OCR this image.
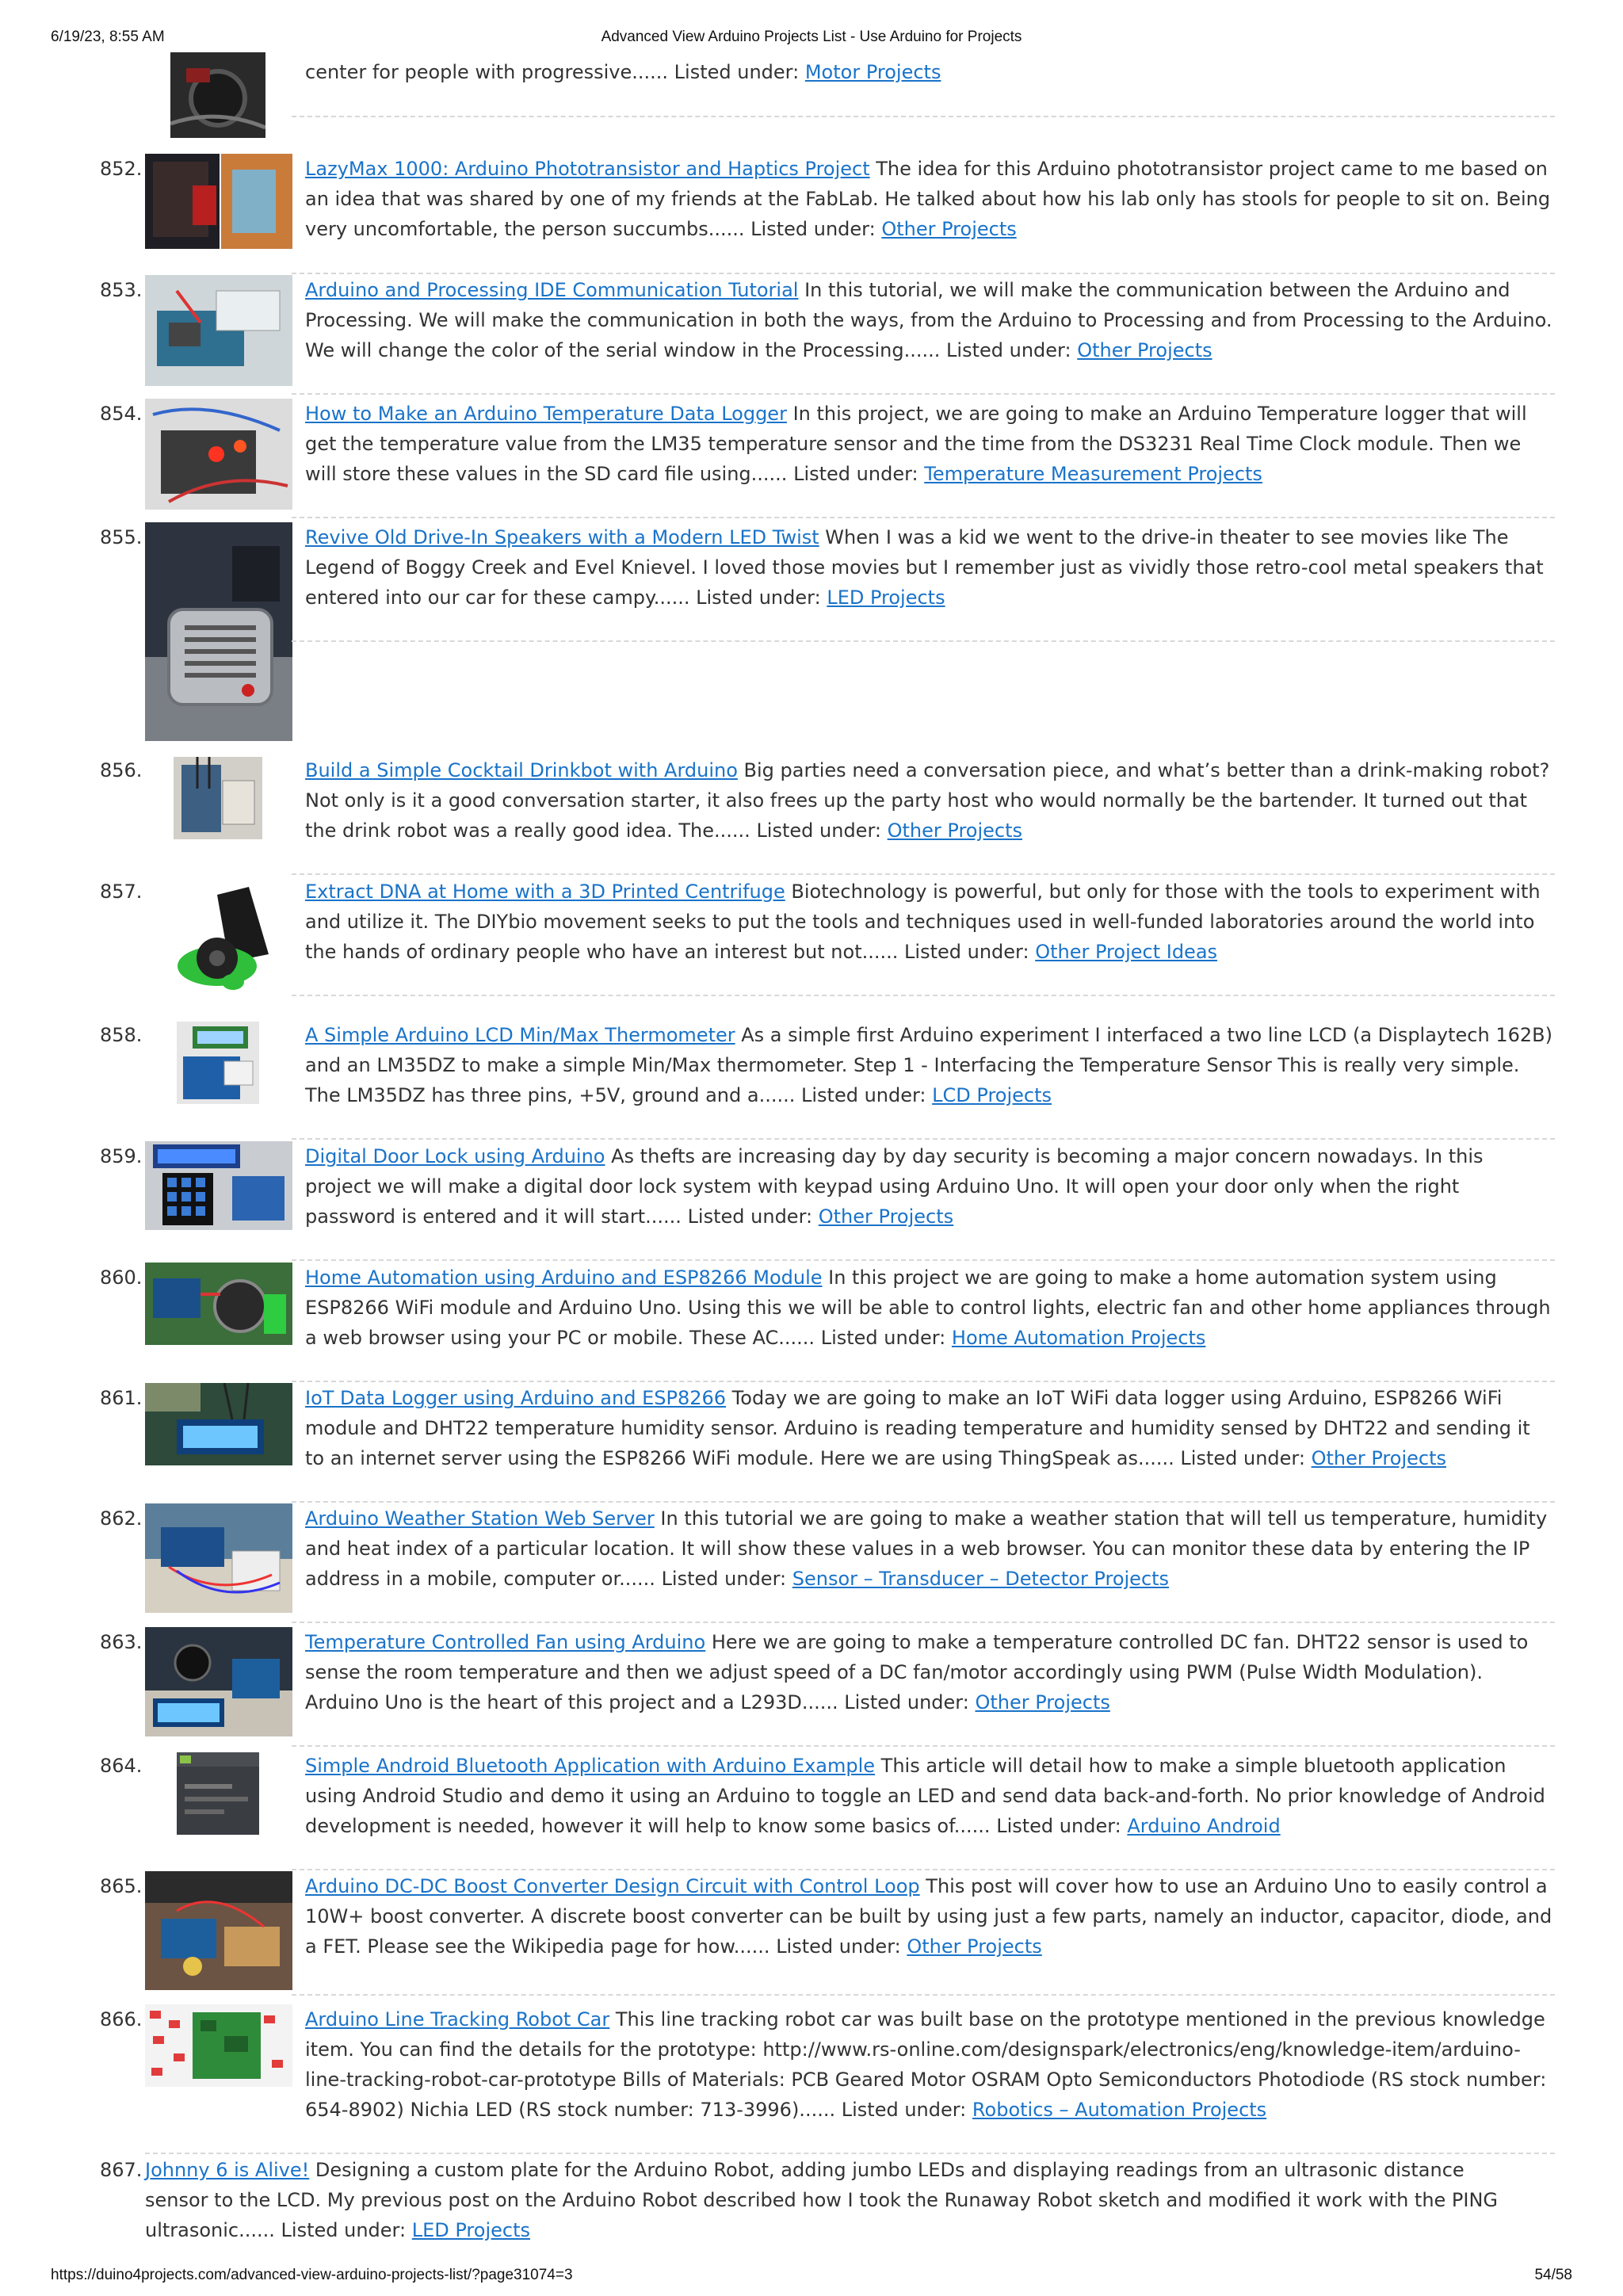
6/19/23, 8:55 AM	Advanced View Arduino Projects List - Use Arduino for Projects
center for people with progressive...... Listed under: Motor Projects
852.	LazyMax 1000: Arduino Phototransistor and Haptics Project The idea for this Arduino phototransistor project came to me based on an idea that was shared by one of my friends at the FabLab. He talked about how his lab only has stools for people to sit on. Being very uncomfortable, the person succumbs...... Listed under: Other Projects
853.	Arduino and Processing IDE Communication Tutorial In this tutorial, we will make the communication between the Arduino and Processing. We will make the communication in both the ways, from the Arduino to Processing and from Processing to the Arduino. We will change the color of the serial window in the Processing...... Listed under: Other Projects
854.	How to Make an Arduino Temperature Data Logger In this project, we are going to make an Arduino Temperature logger that will get the temperature value from the LM35 temperature sensor and the time from the DS3231 Real Time Clock module. Then we will store these values in the SD card file using...... Listed under: Temperature Measurement Projects
855.	Revive Old Drive-In Speakers with a Modern LED Twist When I was a kid we went to the drive-in theater to see movies like The Legend of Boggy Creek and Evel Knievel. I loved those movies but I remember just as vividly those retro-cool metal speakers that entered into our car for these campy...... Listed under: LED Projects
856.	Build a Simple Cocktail Drinkbot with Arduino Big parties need a conversation piece, and what’s better than a drink-making robot? Not only is it a good conversation starter, it also frees up the party host who would normally be the bartender. It turned out that the drink robot was a really good idea. The...... Listed under: Other Projects
857.	Extract DNA at Home with a 3D Printed Centrifuge Biotechnology is powerful, but only for those with the tools to experiment with and utilize it. The DIYbio movement seeks to put the tools and techniques used in well-funded laboratories around the world into the hands of ordinary people who have an interest but not...... Listed under: Other Project Ideas
858.	A Simple Arduino LCD Min/Max Thermometer As a simple first Arduino experiment I interfaced a two line LCD (a Displaytech 162B) and an LM35DZ to make a simple Min/Max thermometer. Step 1 - Interfacing the Temperature Sensor This is really very simple. The LM35DZ has three pins, +5V, ground and a...... Listed under: LCD Projects
859.	Digital Door Lock using Arduino As thefts are increasing day by day security is becoming a major concern nowadays. In this project we will make a digital door lock system with keypad using Arduino Uno. It will open your door only when the right password is entered and it will start...... Listed under: Other Projects
860.	Home Automation using Arduino and ESP8266 Module In this project we are going to make a home automation system using ESP8266 WiFi module and Arduino Uno. Using this we will be able to control lights, electric fan and other home appliances through a web browser using your PC or mobile. These AC...... Listed under: Home Automation Projects
861.	IoT Data Logger using Arduino and ESP8266 Today we are going to make an IoT WiFi data logger using Arduino, ESP8266 WiFi module and DHT22 temperature humidity sensor. Arduino is reading temperature and humidity sensed by DHT22 and sending it to an internet server using the ESP8266 WiFi module. Here we are using ThingSpeak as...... Listed under: Other Projects
862.	Arduino Weather Station Web Server In this tutorial we are going to make a weather station that will tell us temperature, humidity and heat index of a particular location. It will show these values in a web browser. You can monitor these data by entering the IP address in a mobile, computer or...... Listed under: Sensor – Transducer – Detector Projects
863.	Temperature Controlled Fan using Arduino Here we are going to make a temperature controlled DC fan. DHT22 sensor is used to sense the room temperature and then we adjust speed of a DC fan/motor accordingly using PWM (Pulse Width Modulation). Arduino Uno is the heart of this project and a L293D...... Listed under: Other Projects
864.	Simple Android Bluetooth Application with Arduino Example This article will detail how to make a simple bluetooth application using Android Studio and demo it using an Arduino to toggle an LED and send data back-and-forth. No prior knowledge of Android development is needed, however it will help to know some basics of...... Listed under: Arduino Android
865.	Arduino DC-DC Boost Converter Design Circuit with Control Loop This post will cover how to use an Arduino Uno to easily control a 10W+ boost converter. A discrete boost converter can be built by using just a few parts, namely an inductor, capacitor, diode, and a FET. Please see the Wikipedia page for how...... Listed under: Other Projects
866.	Arduino Line Tracking Robot Car This line tracking robot car was built base on the prototype mentioned in the previous knowledge item. You can find the details for the prototype: http://www.rs-online.com/designspark/electronics/eng/knowledge-item/arduino-line-tracking-robot-car-prototype Bills of Materials: PCB Geared Motor OSRAM Opto Semiconductors Photodiode (RS stock number: 654-8902) Nichia LED (RS stock number: 713-3996)...... Listed under: Robotics – Automation Projects
867. Johnny 6 is Alive! Designing a custom plate for the Arduino Robot, adding jumbo LEDs and displaying readings from an ultrasonic distance sensor to the LCD. My previous post on the Arduino Robot described how I took the Runaway Robot sketch and modified it work with the PING ultrasonic...... Listed under: LED Projects
https://duino4projects.com/advanced-view-arduino-projects-list/?page31074=3	54/58
